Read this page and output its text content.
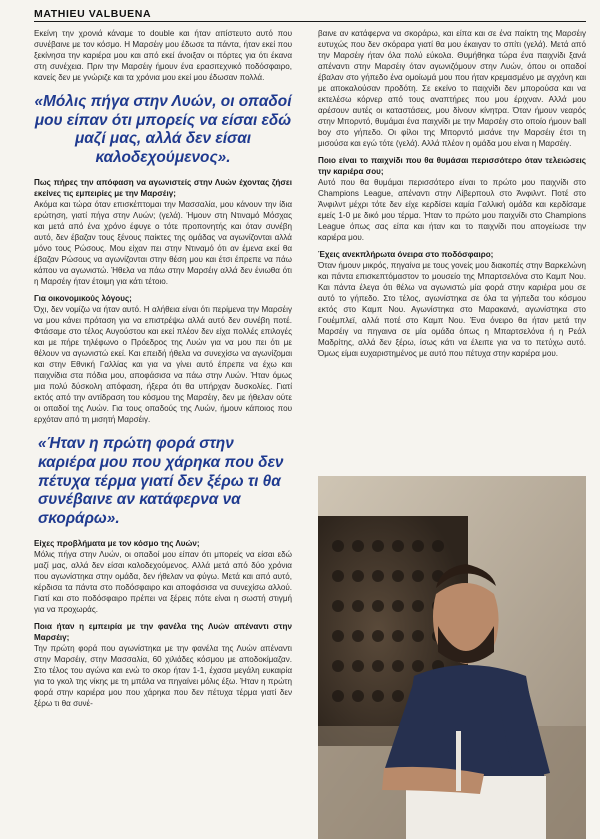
MATHIEU VALBUENA

Εκείνη την χρονιά κάναμε το double και ήταν απίστευτο αυτό που συνέβαινε με τον κόσμο. Η Μαρσέιγ μου έδωσε τα πάντα, ήταν εκεί που ξεκίνησα την καριέρα μου και από εκεί άνοιξαν οι πόρτες για ότι έκανα στη συνέχεια. Πριν την Μαρσέιγ ήμουν ένα ερασιτεχνικό ποδόσφαιρο, κανείς δεν με γνώριζε και τα χρόνια μου εκεί μου έδωσαν πολλά.

«Μόλις πήγα στην Λυών, οι οπαδοί μου είπαν ότι μπορείς να είσαι εδώ μαζί μας, αλλά δεν είσαι καλοδεχούμενος».

Πως πήρες την απόφαση να αγωνιστείς στην Λυών έχοντας ζήσει εκείνες τις εμπειρίες με την Μαρσέιγ;

Ακόμα και τώρα όταν επισκέπτομαι την Μασσαλία, μου κάνουν την ίδια ερώτηση, γιατί πήγα στην Λυών; (γελά). Ήμουν στη Ντιναμό Μόσχας και μετά από ένα χρόνο έφυγε ο τότε προπονητής και όταν συνέβη αυτό, δεν έβαζαν τους ξένους παίκτες της ομάδας να αγωνίζονται αλλά μόνο τους Ρώσους. Μου είχαν πει στην Ντιναμό ότι αν έμενα εκεί θα έβαζαν Ρώσους να αγωνίζονται στην θέση μου και έτσι έπρεπε να πάω κάπου να αγωνιστώ. Ήθελα να πάω στην Μαρσέιγ αλλά δεν ένιωθα ότι η Μαρσέιγ ήταν έτοιμη για κάτι τέτοιο.

Για οικονομικούς λόγους;

Όχι, δεν νομίζω να ήταν αυτό. Η αλήθεια είναι ότι περίμενα την Μαρσέιγ να μου κάνει πρόταση για να επιστρέψω αλλά αυτό δεν συνέβη ποτέ. Φτάσαμε στο τέλος Αυγούστου και εκεί πλέον δεν είχα πολλές επιλογές και με πήρε τηλέφωνο ο Πρόεδρος της Λυών για να μου πει ότι με θέλουν να αγωνιστώ εκεί. Και επειδή ήθελα να συνεχίσω να αγωνίζομαι και στην Εθνική Γαλλίας και για να γίνει αυτό έπρεπε να έχω και παιχνίδια στα πόδια μου, αποφάσισα να πάω στην Λυών. Ήταν όμως μια πολύ δύσκολη απόφαση, ήξερα ότι θα υπήρχαν δυσκολίες. Γιατί εκτός από την αντίδραση του κόσμου της Μαρσέιγ, δεν με ήθελαν ούτε οι οπαδοί της Λυών. Για τους οπαδούς της Λυών, ήμουν κάποιος που ερχόταν από τη μισητή Μαρσέιγ.

«Ήταν η πρώτη φορά στην καριέρα μου που χάρηκα που δεν πέτυχα τέρμα γιατί δεν ξέρω τι θα συνέβαινε αν κατάφερνα να σκοράρω».

Είχες προβλήματα με τον κόσμο της Λυών;

Μόλις πήγα στην Λυών, οι οπαδοί μου είπαν ότι μπορείς να είσαι εδώ μαζί μας, αλλά δεν είσαι καλοδεχούμενος. Αλλά μετά από δύο χρόνια που αγωνίστηκα στην ομάδα, δεν ήθελαν να φύγω. Μετά και από αυτό, κέρδισα τα πάντα στο ποδόσφαιρο και αποφάσισα να συνεχίσω αλλού. Γιατί και στο ποδόσφαιρο πρέπει να ξέρεις πότε είναι η σωστή στιγμή για να προχωράς.

Ποια ήταν η εμπειρία με την φανέλα της Λυών απέναντι στην Μαρσέιγ;

Την πρώτη φορά που αγωνίστηκα με την φανέλα της Λυών απέναντι στην Μαρσέιγ, στην Μασσαλία, 60 χιλιάδες κόσμου με αποδοκίμαζαν. Στο τέλος του αγώνα και ενώ το σκορ ήταν 1-1, έχασα μεγάλη ευκαιρία για το γκολ της νίκης με τη μπάλα να πηγαίνει μόλις έξω. Ήταν η πρώτη φορά στην καριέρα μου που χάρηκα που δεν πέτυχα τέρμα γιατί δεν ξέρω τι θα συνέ-

βαινε αν κατάφερνα να σκοράρω, και είπα και σε ένα παίκτη της Μαρσέιγ ευτυχώς που δεν σκόραρα γιατί θα μου έκαιγαν το σπίτι (γελά). Μετά από την Μαρσέιγ ήταν όλα πολύ εύκολα. Θυμήθηκα τώρα ένα παιχνίδι ξανά απέναντι στην Μαρσέιγ όταν αγωνιζόμουν στην Λυών, όπου οι οπαδοί έβαλαν στο γήπεδο ένα ομοίωμά μου που ήταν κρεμασμένο με αγχόνη και με αποκαλούσαν προδότη. Σε εκείνο το παιχνίδι δεν μπορούσα και να εκτελέσω κόρνερ από τους αναπτήρες που μου έριχναν. Αλλά μου αρέσουν αυτές οι καταστάσεις, μου δίνουν κίνητρα. Όταν ήμουν νεαρός στην Μπορντό, θυμάμαι ένα παιχνίδι με την Μαρσέιγ στο οποίο ήμουν ball boy στο γήπεδο. Οι φίλοι της Μπορντό μισάνε την Μαρσέιγ έτσι τη μισούσα και εγώ τότε (γελά). Αλλά πλέον η ομάδα μου είναι η Μαρσέιγ.

Ποιο είναι το παιχνίδι που θα θυμάσαι περισσότερο όταν τελειώσεις την καριέρα σου;

Αυτό που θα θυμάμαι περισσότερο είναι το πρώτο μου παιχνίδι στο Champions League, απέναντι στην Λίβερπουλ στο Άνφιλντ. Ποτέ στο Άνφιλντ μέχρι τότε δεν είχε κερδίσει καμία Γαλλική ομάδα και κερδίσαμε εμείς 1-0 με δικό μου τέρμα. Ήταν το πρώτο μου παιχνίδι στο Champions League όπως σας είπα και ήταν και το παιχνίδι που απογείωσε την καριέρα μου.

Έχεις ανεκπλήρωτα όνειρα στο ποδόσφαιρο;

Όταν ήμουν μικρός, πηγαίνα με τους γονείς μου διακοπές στην Βαρκελώνη και πάντα επισκεπτόμαστον το μουσείο της Μπαρτσελόνα στο Καμπ Νου. Και πάντα έλεγα ότι θέλω να αγωνιστώ μία φορά στην καριέρα μου σε αυτό το γήπεδο. Στο τέλος, αγωνίστηκα σε όλα τα γήπεδα του κόσμου εκτός στο Καμπ Νου. Αγωνίστηκα στο Μαρακανά, αγωνίστηκα στο Γουέμπλεϊ, αλλά ποτέ στο Καμπ Νου. Ένα όνειρο θα ήταν μετά την Μαρσέιγ να πηγαινα σε μία ομάδα όπως η Μπαρτσελόνα ή η Ρεάλ Μαδρίτης, αλλά δεν ξέρω, ίσως κάτι να έλειπε για να το πετύχω αυτό. Όμως είμαι ευχαριστημένος με αυτό που πέτυχα στην καριέρα μου.
